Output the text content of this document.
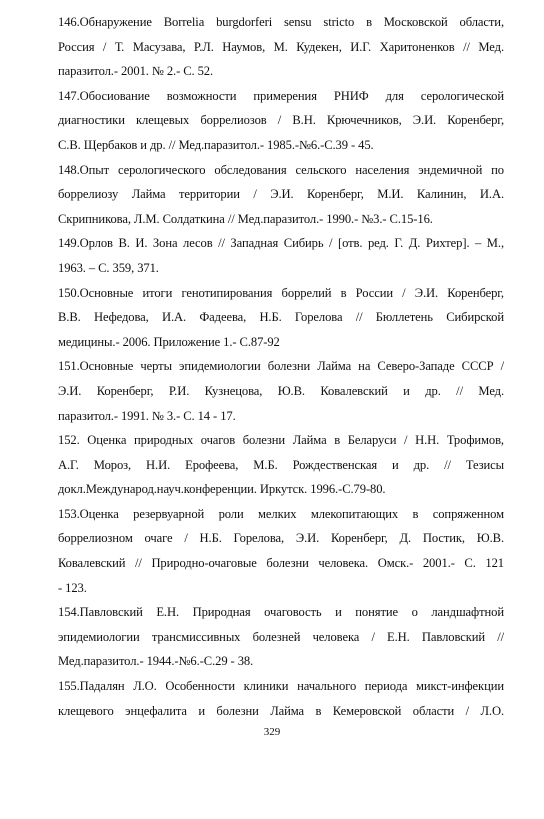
146.Обнаружение Borrelia burgdorferi sensu stricto в Московской области,
Россия / Т. Масузава, Р.Л. Наумов, М. Кудекен, И.Г. Харитоненков // Мед.
паразитол.- 2001. № 2.- С. 52.
147.Обосиование возможности примерения РНИФ для серологической
диагностики клещевых боррелиозов / В.Н. Крючечников, Э.И. Коренберг,
С.В. Щербаков и др. // Мед.паразитол.- 1985.-№6.-С.39 - 45.
148.Опыт серологического обследования сельского населения эндемичной по
боррелиозу Лайма территории / Э.И. Коренберг, М.И. Калинин, И.А.
Скрипникова, Л.М. Солдаткина // Мед.паразитол.- 1990.- №3.- С.15-16.
149.Орлов В. И. Зона лесов // Западная Сибирь / [отв. ред. Г. Д. Рихтер]. – М.,
1963. – С. 359, 371.
150.Основные итоги генотипирования боррелий в России / Э.И. Коренберг,
В.В. Нефедова, И.А. Фадеева, Н.Б. Горелова // Бюллетень Сибирской
медицины.- 2006. Приложение 1.- С.87-92
151.Основные черты эпидемиологии болезни Лайма на Северо-Западе СССР /
Э.И. Коренберг, Р.И. Кузнецова, Ю.В. Ковалевский и др. // Мед.
паразитол.- 1991. № 3.- С. 14 - 17.
152. Оценка природных очагов болезни Лайма в Беларуси / Н.Н. Трофимов,
А.Г. Мороз, Н.И. Ерофеева, М.Б. Рождественская и др. // Тезисы
докл.Международ.науч.конференции. Иркутск. 1996.-С.79-80.
153.Оценка резервуарной роли мелких млекопитающих в сопряженном
боррелиозном очаге / Н.Б. Горелова, Э.И. Коренберг, Д. Постик, Ю.В.
Ковалевский // Природно-очаговые болезни человека. Омск.- 2001.- С. 121
- 123.
154.Павловский Е.Н. Природная очаговость и понятие о ландшафтной
эпидемиологии трансмиссивных болезней человека / Е.Н. Павловский //
Мед.паразитол.- 1944.-№6.-С.29 - 38.
155.Падалян Л.О. Особенности клиники начального периода микст-инфекции
клещевого энцефалита и болезни Лайма в Кемеровской области / Л.О.
329
